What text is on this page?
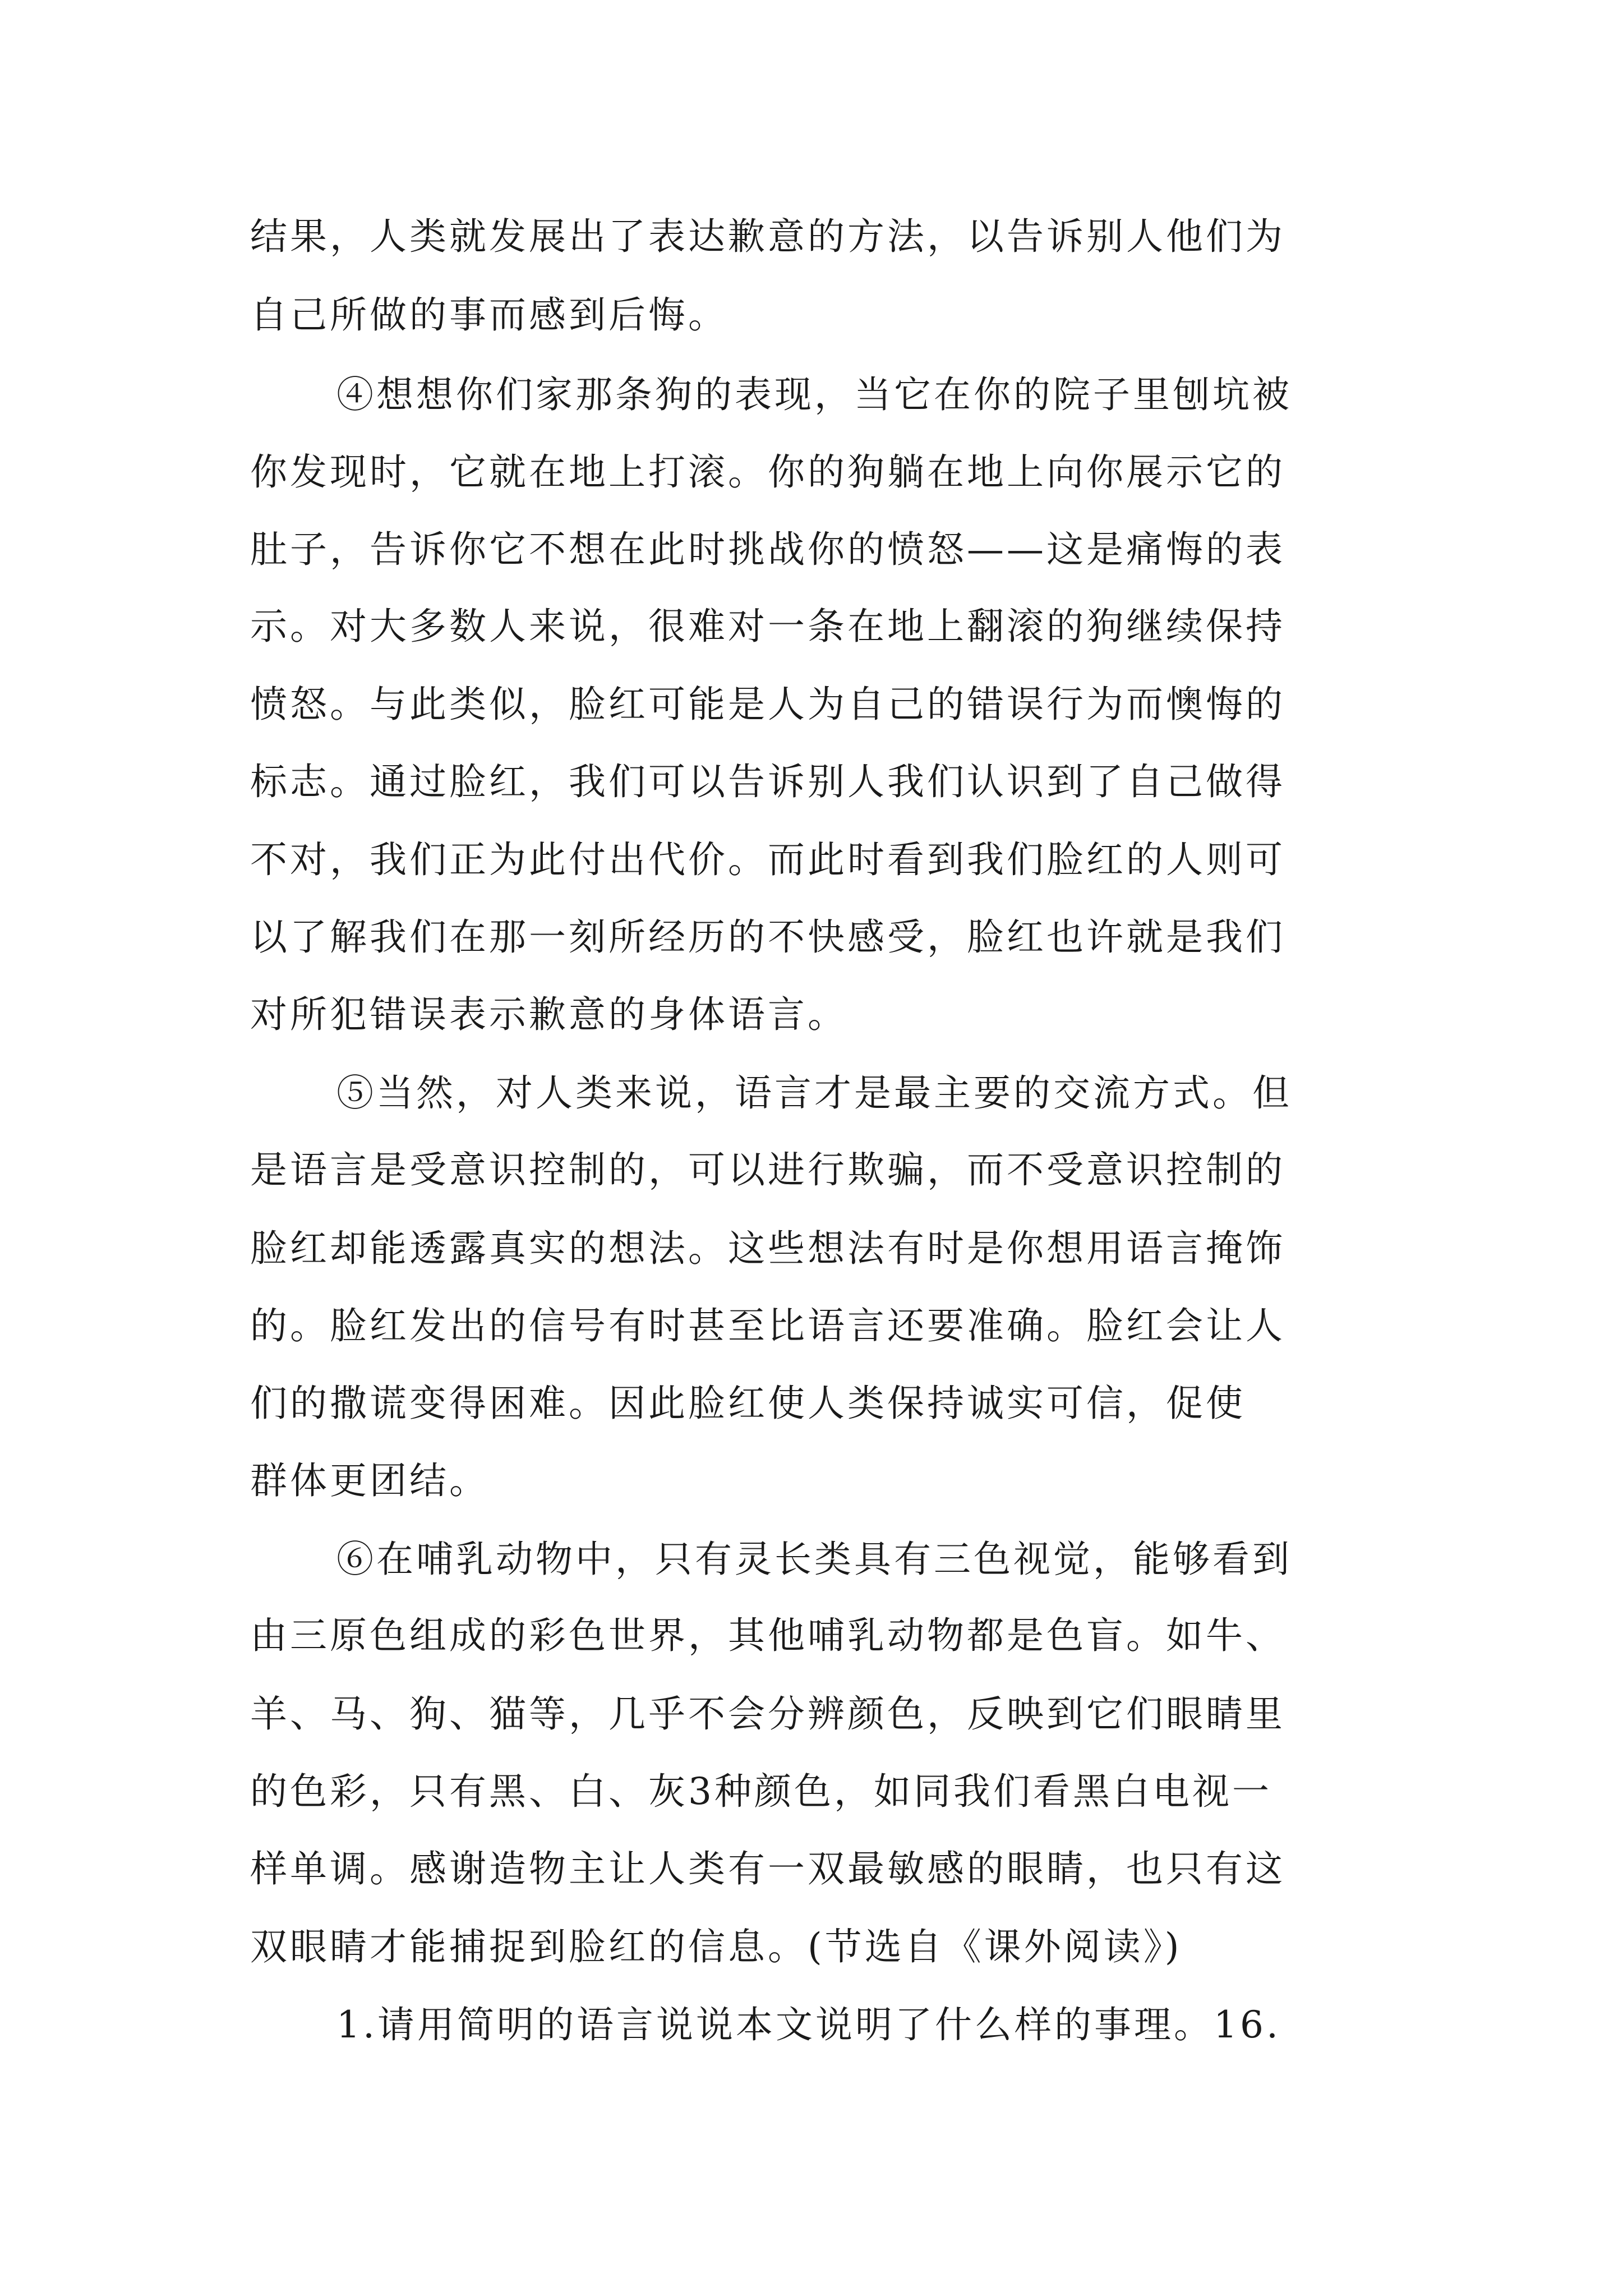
结果，人类就发展出了表达歉意的方法，以告诉别人他们为
自己所做的事而感到后悔。
④想想你们家那条狗的表现，当它在你的院子里刨坑被
你发现时，它就在地上打滚。你的狗躺在地上向你展示它的
肚子，告诉你它不想在此时挑战你的愤怒——这是痛悔的表
示。对大多数人来说，很难对一条在地上翻滚的狗继续保持
愤怒。与此类似，脸红可能是人为自己的错误行为而懊悔的
标志。通过脸红，我们可以告诉别人我们认识到了自己做得
不对，我们正为此付出代价。而此时看到我们脸红的人则可
以了解我们在那一刻所经历的不快感受，脸红也许就是我们
对所犯错误表示歉意的身体语言。
⑤当然，对人类来说，语言才是最主要的交流方式。但
是语言是受意识控制的，可以进行欺骗，而不受意识控制的
脸红却能透露真实的想法。这些想法有时是你想用语言掩饰
的。脸红发出的信号有时甚至比语言还要准确。脸红会让人
们的撒谎变得困难。因此脸红使人类保持诚实可信，促使
群体更团结。
⑥在哺乳动物中，只有灵长类具有三色视觉，能够看到
由三原色组成的彩色世界，其他哺乳动物都是色盲。如牛、
羊、马、狗、猫等，几乎不会分辨颜色，反映到它们眼睛里
的色彩，只有黑、白、灰3种颜色，如同我们看黑白电视一
样单调。感谢造物主让人类有一双最敏感的眼睛，也只有这
双眼睛才能捕捉到脸红的信息。(节选自《课外阅读》)
1.请用简明的语言说说本文说明了什么样的事理。16.
